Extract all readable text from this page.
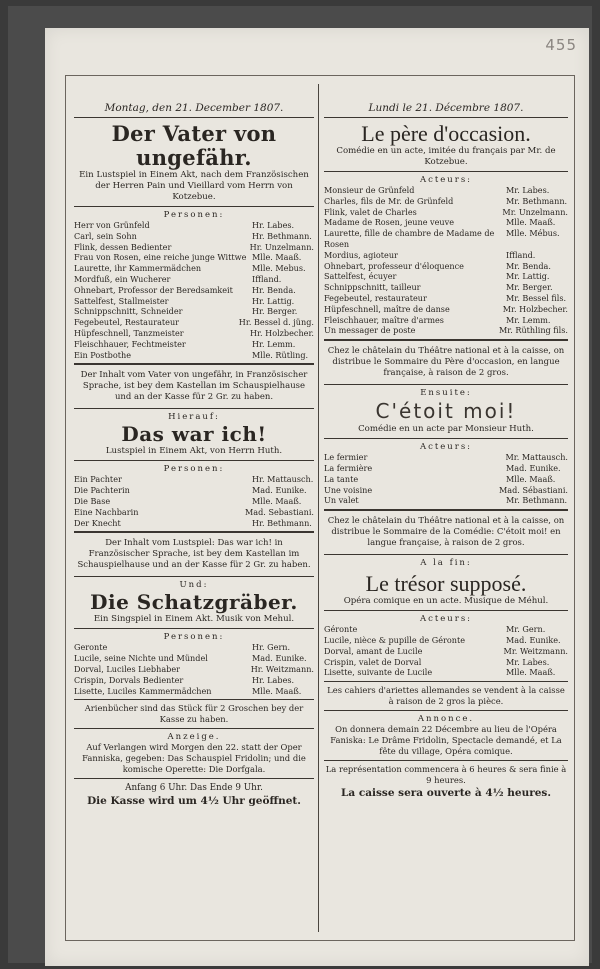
455
Montag, den 21. December 1807.
Der Vater von ungefähr.
Ein Lustspiel in Einem Akt, nach dem Französischen der Herren Pain und Vieillard vom Herrn von Kotzebue.
Personen:
Herr von Grünfeld	Hr. Labes.
Carl, sein Sohn	Hr. Bethmann.
Flink, dessen Bedienter	Hr. Unzelmann.
Frau von Rosen, eine reiche junge Wittwe Mlle. Maaß.
Laurette, ihr Kammermädchen	Mlle. Mebus.
Mordfuß, ein Wucherer	Iffland.
Ohnebart, Professor der Beredsamkeit Hr. Benda.
Sattelfest, Stallmeister	Hr. Lattig.
Schnippschnitt, Schneider	Hr. Berger.
Fegebeutel, Restaurateur	Hr. Bessel d. jüng.
Hüpfeschnell, Tanzmeister	Hr. Holzbecher.
Fleischhauer, Fechtmeister	Hr. Lemm.
Ein Postbothe	Mlle. Rütling.
Der Inhalt vom Vater von ungefähr, in Französischer Sprache, ist bey dem Kastellan im Schauspielhause und an der Kasse für 2 Gr. zu haben.
Hierauf:
Das war ich!
Lustspiel in Einem Akt, von Herrn Huth.
Personen:
Ein Pachter	Hr. Mattausch.
Die Pachterin	Mad. Eunike.
Die Base	Mlle. Maaß.
Eine Nachbarin	Mad. Sebastiani.
Der Knecht	Hr. Bethmann.
Der Inhalt vom Lustspiel: Das war ich! in Französischer Sprache, ist bey dem Kastellan im Schauspielhause und an der Kasse für 2 Gr. zu haben.
Und:
Die Schatzgräber.
Ein Singspiel in Einem Akt. Musik von Mehul.
Personen:
Geronte	Hr. Gern.
Lucile, seine Nichte und Mündel	Mad. Eunike.
Dorval, Luciles Liebhaber	Hr. Weitzmann.
Crispin, Dorvals Bedienter	Hr. Labes.
Lisette, Luciles Kammermädchen	Mlle. Maaß.
Arienbücher sind das Stück für 2 Groschen bey der Kasse zu haben.
Anzeige.
Auf Verlangen wird Morgen den 22. statt der Oper Fanniska, gegeben: Das Schauspiel Fridolin; und die komische Operette: Die Dorfgala.
Anfang 6 Uhr. Das Ende 9 Uhr.
Die Kasse wird um 4½ Uhr geöffnet.
Lundi le 21. Décembre 1807.
Le père d'occasion.
Comédie en un acte, imitée du français par Mr. de Kotzebue.
Acteurs:
Monsieur de Grünfeld	Mr. Labes.
Charles, fils de Mr. de Grünfeld	Mr. Bethmann.
Flink, valet de Charles	Mr. Unzelmann.
Madame de Rosen, jeune veuve	Mlle. Maaß.
Laurette, fille de chambre de Madame de Rosen
Mlle. Mébus.
Mordius, agioteur	Iffland.
Ohnebart, professeur d'éloquence	Mr. Benda.
Sattelfest, écuyer	Mr. Lattig.
Schnippschnitt, tailleur	Mr. Berger.
Fegebeutel, restaurateur	Mr. Bessel fils.
Hüpfeschnell, maître de danse	Mr. Holzbecher.
Fleischhauer, maître d'armes	Mr. Lemm.
Un messager de poste	Mr. Rüthling fils.
Chez le châtelain du Théâtre national et à la caisse, on distribue le Sommaire du Père d'occasion, en langue française, à raison de 2 gros.
Ensuite:
C'étoit moi!
Comédie en un acte par Monsieur Huth.
Acteurs:
Le fermier	Mr. Mattausch.
La fermière	Mad. Eunike.
La tante	Mlle. Maaß.
Une voisine	Mad. Sébastiani.
Un valet	Mr. Bethmann.
Chez le châtelain du Théâtre national et à la caisse, on distribue le Sommaire de la Comédie: C'étoit moi! en langue française, à raison de 2 gros.
A la fin:
Le trésor supposé.
Opéra comique en un acte. Musique de Méhul.
Acteurs:
Géronte	Mr. Gern.
Lucile, nièce & pupille de Géronte	Mad. Eunike.
Dorval, amant de Lucile	Mr. Weitzmann.
Crispin, valet de Dorval	Mr. Labes.
Lisette, suivante de Lucile	Mlle. Maaß.
Les cahiers d'ariettes allemandes se vendent à la caisse à raison de 2 gros la pièce.
Annonce.
On donnera demain 22 Décembre au lieu de l'Opéra Faniska: Le Drâme Fridolin, Spectacle demandé, et La fête du village, Opéra comique.
La représentation commencera à 6 heures & sera finie à 9 heures.
La caisse sera ouverte à 4½ heures.
